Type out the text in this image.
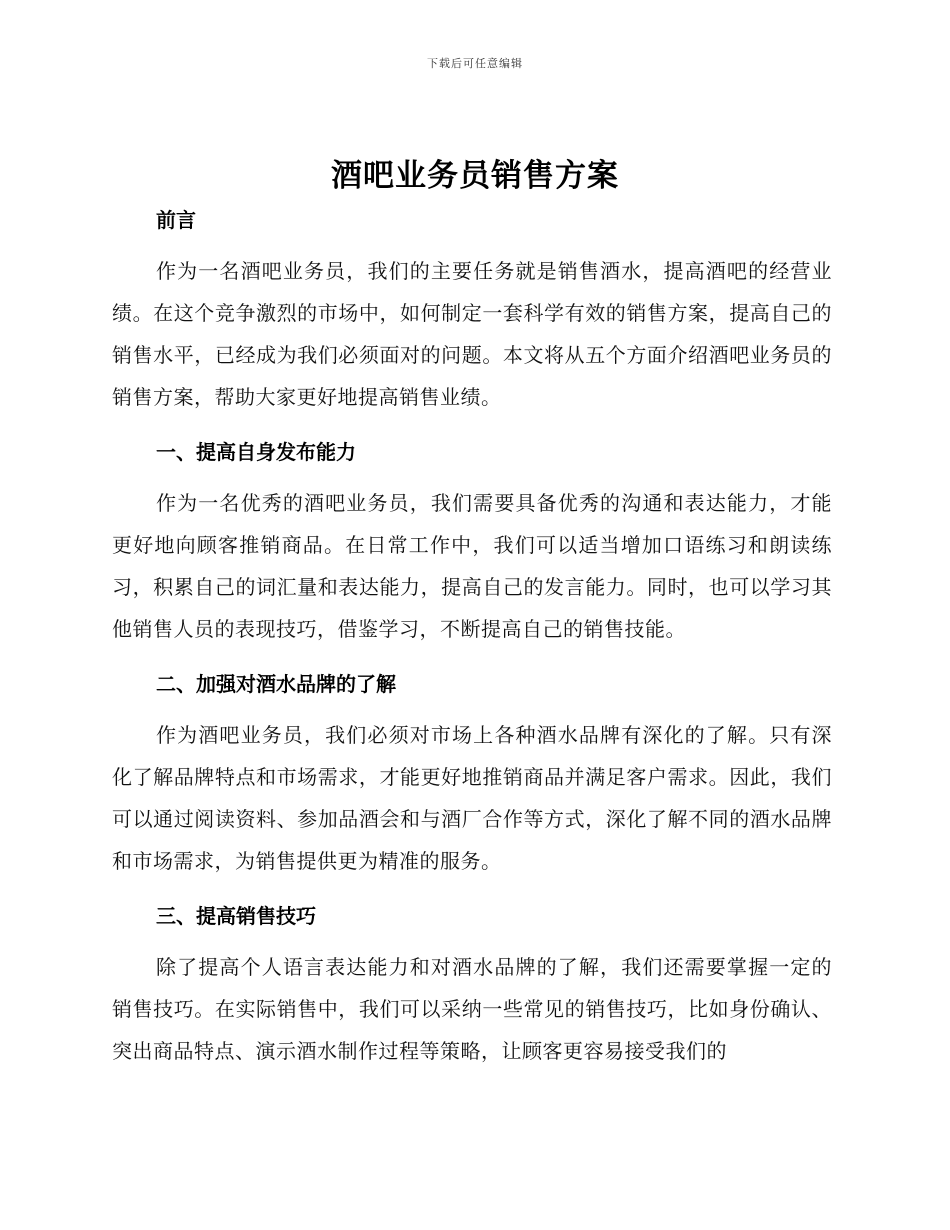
下载后可任意编辑
酒吧业务员销售方案
前言

作为一名酒吧业务员，我们的主要任务就是销售酒水，提高酒吧的经营业绩。在这个竞争激烈的市场中，如何制定一套科学有效的销售方案，提高自己的销售水平，已经成为我们必须面对的问题。本文将从五个方面介绍酒吧业务员的销售方案，帮助大家更好地提高销售业绩。

一、提高自身发布能力

作为一名优秀的酒吧业务员，我们需要具备优秀的沟通和表达能力，才能更好地向顾客推销商品。在日常工作中，我们可以适当增加口语练习和朗读练习，积累自己的词汇量和表达能力，提高自己的发言能力。同时，也可以学习其他销售人员的表现技巧，借鉴学习，不断提高自己的销售技能。

二、加强对酒水品牌的了解

作为酒吧业务员，我们必须对市场上各种酒水品牌有深化的了解。只有深化了解品牌特点和市场需求，才能更好地推销商品并满足客户需求。因此，我们可以通过阅读资料、参加品酒会和与酒厂合作等方式，深化了解不同的酒水品牌和市场需求，为销售提供更为精准的服务。

三、提高销售技巧

除了提高个人语言表达能力和对酒水品牌的了解，我们还需要掌握一定的销售技巧。在实际销售中，我们可以采纳一些常见的销售技巧，比如身份确认、突出商品特点、演示酒水制作过程等策略，让顾客更容易接受我们的
